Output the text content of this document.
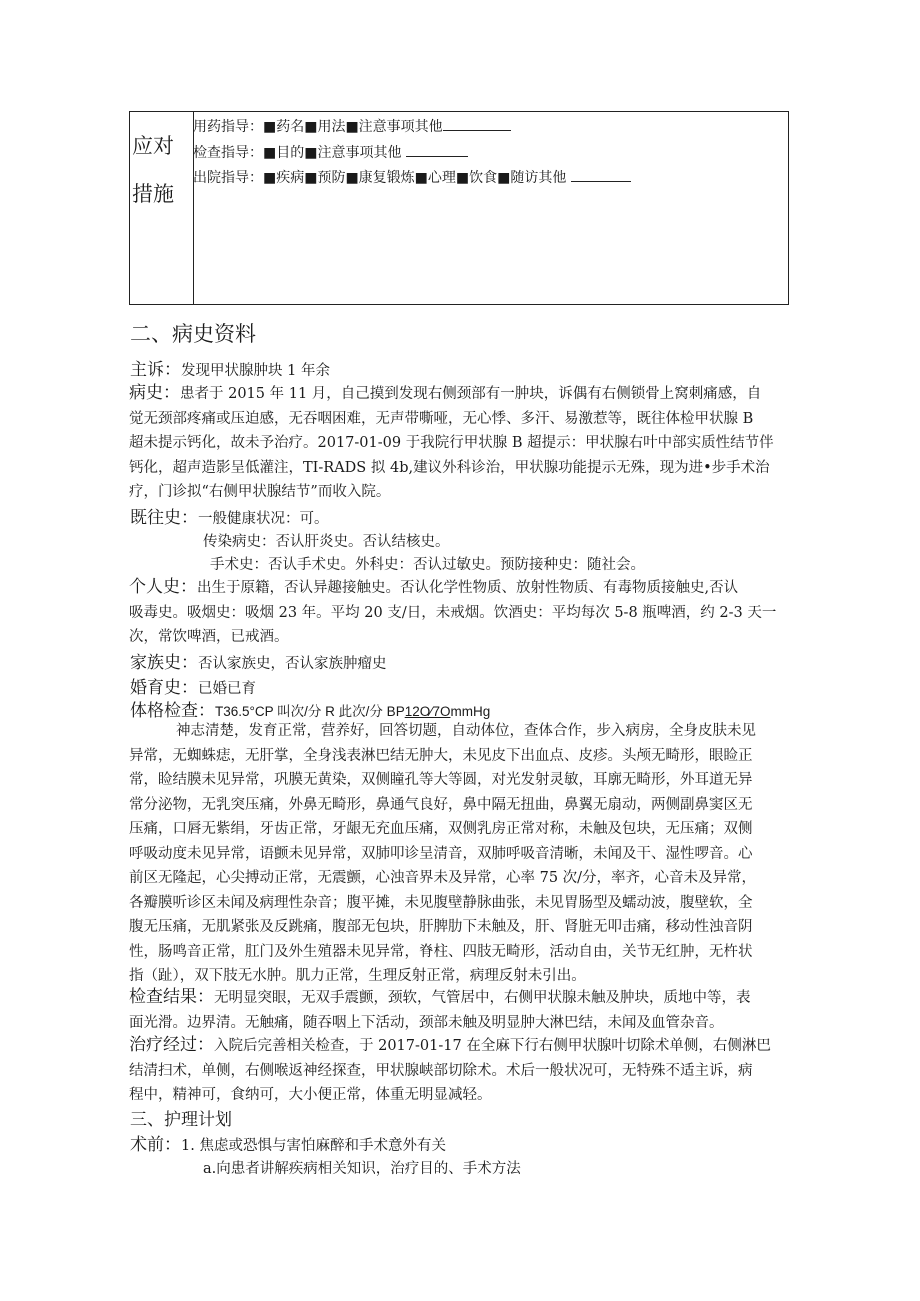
应对
措施
用药指导：■药名■用法■注意事项其他
检查指导：■目的■注意事项其他
出院指导：■疾病■预防■康复锻炼■心理■饮食■随访其他
二、病史资料
主诉：发现甲状腺肿块 1 年余
病史：患者于 2015 年 11 月，自己摸到发现右侧颈部有一肿块，诉偶有右侧锁骨上窝刺痛感，自
觉无颈部疼痛或压迫感，无吞咽困难，无声带嘶哑，无心悸、多汗、易激惹等，既往体检甲状腺 B
超未提示钙化，故未予治疗。2017-01-09 于我院行甲状腺 B 超提示：甲状腺右叶中部实质性结节伴
钙化，超声造影呈低灌注，TI-RADS 拟 4b,建议外科诊治，甲状腺功能提示无殊，现为进•步手术治
疗，门诊拟“右侧甲状腺结节”而收入院。
既往史：一般健康状况：可。
传染病史：否认肝炎史。否认结核史。
手术史：否认手术史。外科史：否认过敏史。预防接种史：随社会。
个人史：出生于原籍，否认异趣接触史。否认化学性物质、放射性物质、有毒物质接触史,否认
吸毒史。吸烟史：吸烟 23 年。平均 20 支/日，未戒烟。饮酒史：平均每次 5-8 瓶啤酒，约 2-3 天一
次，常饮啤酒，已戒酒。
家族史：否认家族史，否认家族肿瘤史
婚育史：已婚已育
体格检查：T36.5°CP 叫次/分 R 此次/分 BP12O⁄7OmmHg
神志清楚，发育正常，营养好，回答切题，自动体位，查体合作，步入病房，全身皮肤未见
异常，无蜘蛛痣，无肝掌，全身浅表淋巴结无肿大，未见皮下出血点、皮疹。头颅无畸形，眼睑正
常，睑结膜未见异常，巩膜无黄染，双侧瞳孔等大等圆，对光发射灵敏，耳廓无畸形，外耳道无异
常分泌物，无乳突压痛，外鼻无畸形，鼻通气良好，鼻中隔无扭曲，鼻翼无扇动，两侧副鼻窦区无
压痛，口唇无紫绢，牙齿正常，牙龈无充血压痛，双侧乳房正常对称，未触及包块，无压痛；双侧
呼吸动度未见异常，语颤未见异常，双肺叩诊呈清音，双肺呼吸音清晰，未闻及干、湿性啰音。心
前区无隆起，心尖搏动正常，无震颤，心浊音界未及异常，心率 75 次/分，率齐，心音未及异常，
各瓣膜听诊区未闻及病理性杂音；腹平摊，未见腹壁静脉曲张，未见胃肠型及蠕动波，腹壁软，全
腹无压痛，无肌紧张及反跳痛，腹部无包块，肝脾肋下未触及，肝、肾脏无叩击痛，移动性浊音阴
性，肠鸣音正常，肛门及外生殖器未见异常，脊柱、四肢无畸形，活动自由，关节无红肿，无杵状
指（趾），双下肢无水肿。肌力正常，生理反射正常，病理反射未引出。
检查结果：无明显突眼，无双手震颤，颈软，气管居中，右侧甲状腺未触及肿块，质地中等，表
面光滑。边界清。无触痛，随吞咽上下活动，颈部未触及明显肿大淋巴结，未闻及血管杂音。
治疗经过：入院后完善相关检查，于 2017-01-17 在全麻下行右侧甲状腺叶切除术单侧，右侧淋巴
结清扫术，单侧，右侧喉返神经探查，甲状腺峡部切除术。术后一般状况可，无特殊不适主诉，病
程中，精神可，食纳可，大小便正常，体重无明显减轻。
三、护理计划
术前：1. 焦虑或恐惧与害怕麻醉和手术意外有关
a.向患者讲解疾病相关知识，治疗目的、手术方法
